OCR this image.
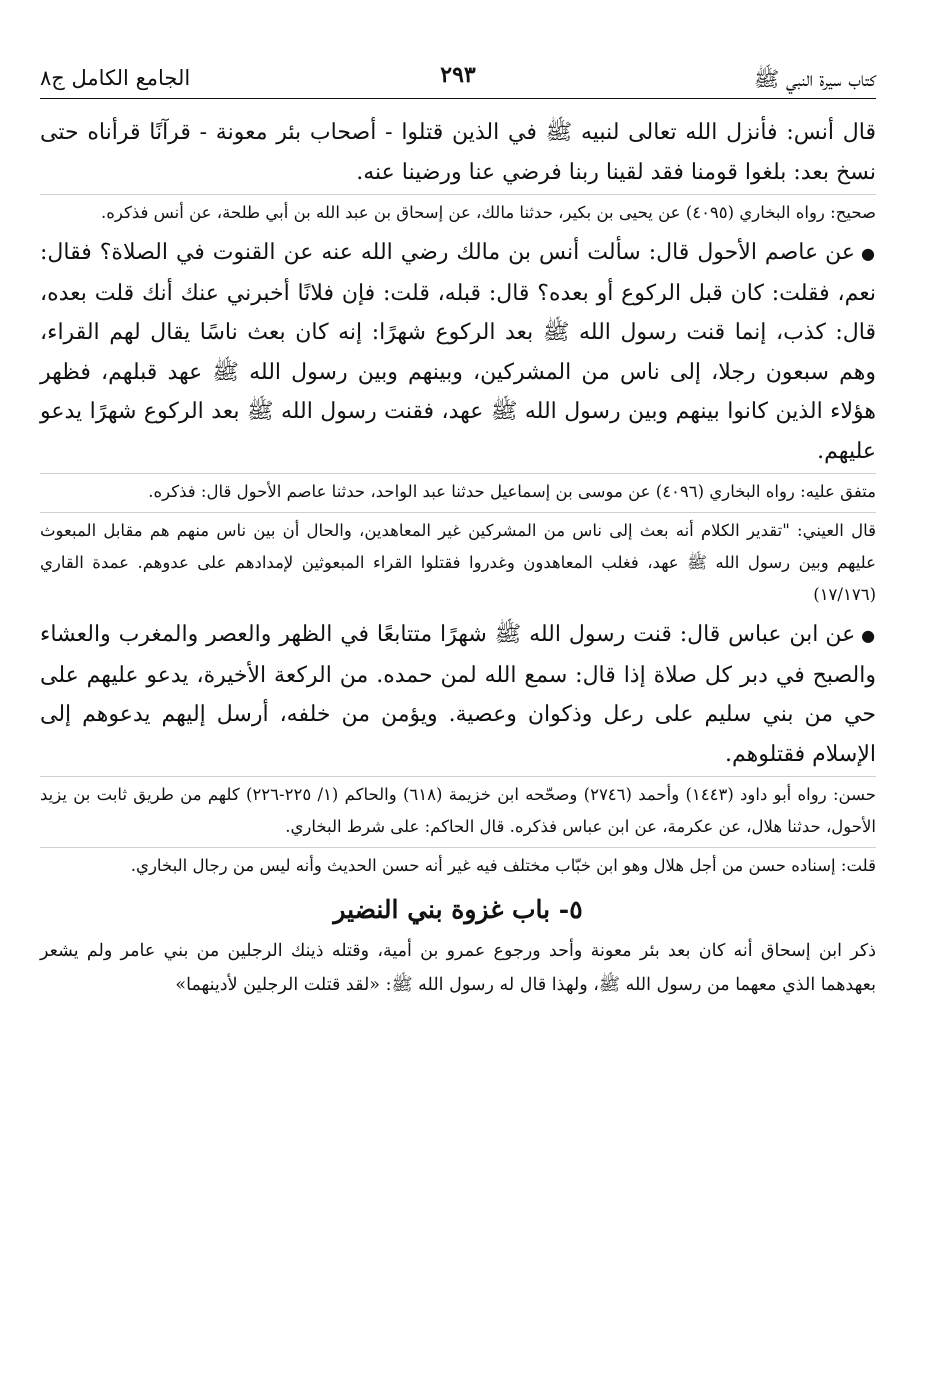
كتاب سيرة النبي ﷺ
٢٩٣
الجامع الكامل ج٨

قال أنس: فأنزل الله تعالى لنبيه ﷺ في الذين قتلوا - أصحاب بئر معونة - قرآنًا قرأناه حتى نسخ بعد: بلغوا قومنا فقد لقينا ربنا فرضي عنا ورضينا عنه.

صحيح: رواه البخاري (٤٠٩٥) عن يحيى بن بكير، حدثنا مالك، عن إسحاق بن عبد الله بن أبي طلحة، عن أنس فذكره.

● عن عاصم الأحول قال: سألت أنس بن مالك رضي الله عنه عن القنوت في الصلاة؟ فقال: نعم، فقلت: كان قبل الركوع أو بعده؟ قال: قبله، قلت: فإن فلانًا أخبرني عنك أنك قلت بعده، قال: كذب، إنما قنت رسول الله ﷺ بعد الركوع شهرًا: إنه كان بعث ناسًا يقال لهم القراء، وهم سبعون رجلا، إلى ناس من المشركين، وبينهم وبين رسول الله ﷺ عهد قبلهم، فظهر هؤلاء الذين كانوا بينهم وبين رسول الله ﷺ عهد، فقنت رسول الله ﷺ بعد الركوع شهرًا يدعو عليهم.

متفق عليه: رواه البخاري (٤٠٩٦) عن موسى بن إسماعيل حدثنا عبد الواحد، حدثنا عاصم الأحول قال: فذكره.

قال العيني: "تقدير الكلام أنه بعث إلى ناس من المشركين غير المعاهدين، والحال أن بين ناس منهم هم مقابل المبعوث عليهم وبين رسول الله ﷺ عهد، فغلب المعاهدون وغدروا فقتلوا القراء المبعوثين لإمدادهم على عدوهم. عمدة القاري (١٧/١٧٦)

● عن ابن عباس قال: قنت رسول الله ﷺ شهرًا متتابعًا في الظهر والعصر والمغرب والعشاء والصبح في دبر كل صلاة إذا قال: سمع الله لمن حمده. من الركعة الأخيرة، يدعو عليهم على حي من بني سليم على رعل وذكوان وعصية. ويؤمن من خلفه، أرسل إليهم يدعوهم إلى الإسلام فقتلوهم.

حسن: رواه أبو داود (١٤٤٣) وأحمد (٢٧٤٦) وصحّحه ابن خزيمة (٦١٨) والحاكم (١/ ٢٢٥-٢٢٦) كلهم من طريق ثابت بن يزيد الأحول، حدثنا هلال، عن عكرمة، عن ابن عباس فذكره. قال الحاكم: على شرط البخاري.

قلت: إسناده حسن من أجل هلال وهو ابن خبّاب مختلف فيه غير أنه حسن الحديث وأنه ليس من رجال البخاري.

٥- باب غزوة بني النضير

ذكر ابن إسحاق أنه كان بعد بئر معونة وأحد ورجوع عمرو بن أمية، وقتله ذينك الرجلين من بني عامر ولم يشعر بعهدهما الذي معهما من رسول الله ﷺ، ولهذا قال له رسول الله ﷺ: «لقد قتلت الرجلين لأدينهما»
